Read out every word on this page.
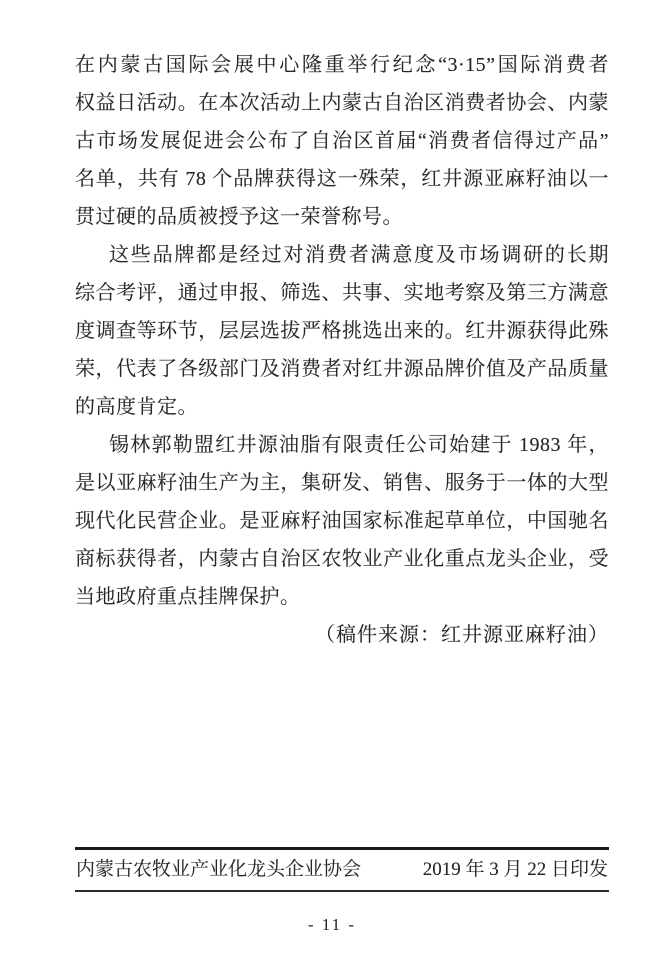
在内蒙古国际会展中心隆重举行纪念“3·15”国际消费者
权益日活动。在本次活动上内蒙古自治区消费者协会、内蒙
古市场发展促进会公布了自治区首届“消费者信得过产品”
名单，共有 78 个品牌获得这一殊荣，红井源亚麻籽油以一
贯过硬的品质被授予这一荣誉称号。
这些品牌都是经过对消费者满意度及市场调研的长期
综合考评，通过申报、筛选、共事、实地考察及第三方满意
度调查等环节，层层选拔严格挑选出来的。红井源获得此殊
荣，代表了各级部门及消费者对红井源品牌价值及产品质量
的高度肯定。
锡林郭勒盟红井源油脂有限责任公司始建于 1983 年，
是以亚麻籽油生产为主，集研发、销售、服务于一体的大型
现代化民营企业。是亚麻籽油国家标准起草单位，中国驰名
商标获得者，内蒙古自治区农牧业产业化重点龙头企业，受
当地政府重点挂牌保护。
（稿件来源：红井源亚麻籽油）
内蒙古农牧业产业化龙头企业协会	2019 年 3 月 22 日印发
- 11 -
